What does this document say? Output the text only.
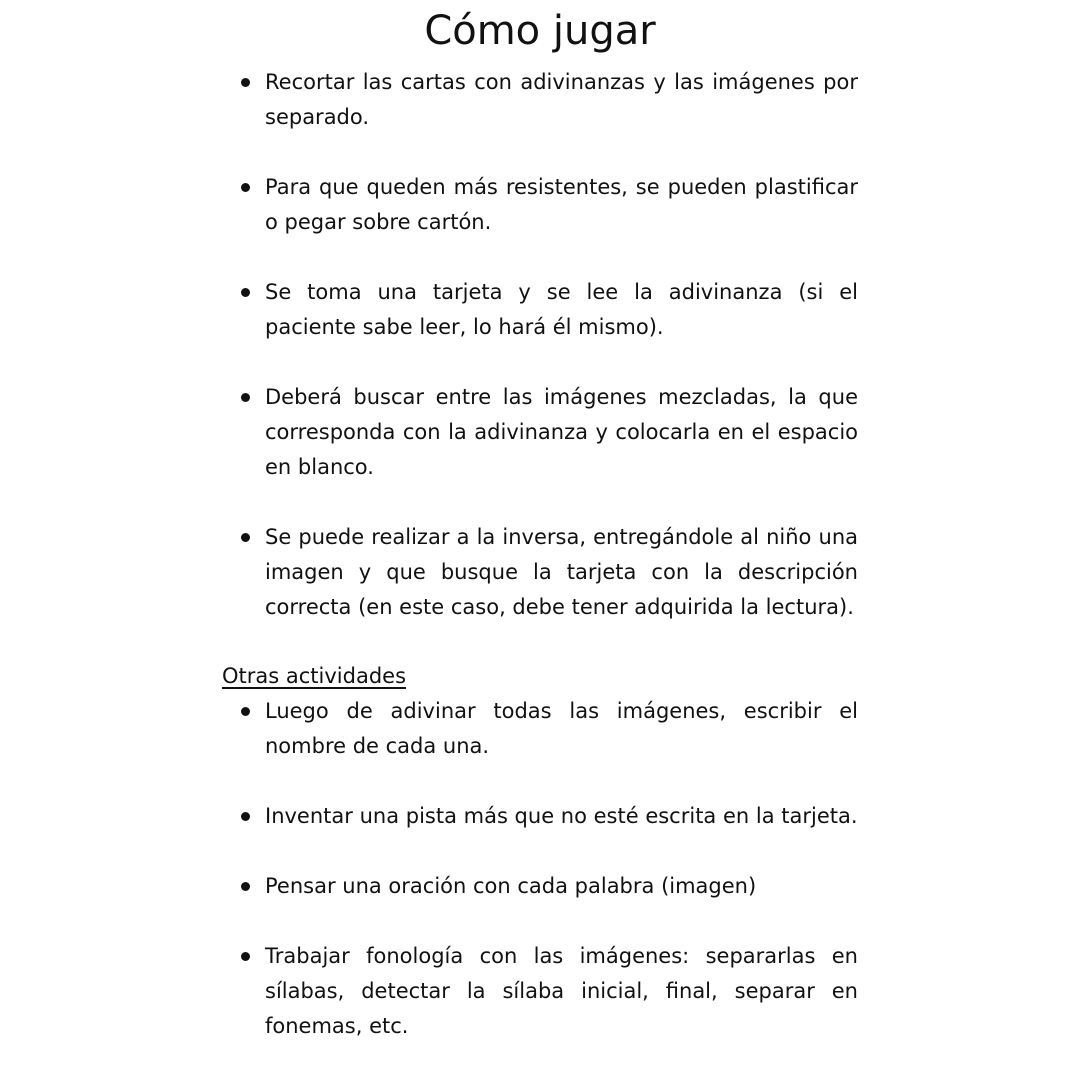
Cómo jugar
Recortar las cartas con adivinanzas y las imágenes por separado.
Para que queden más resistentes, se pueden plastificar o pegar sobre cartón.
Se toma una tarjeta y se lee la adivinanza (si el paciente sabe leer, lo hará él mismo).
Deberá buscar entre las imágenes mezcladas, la que corresponda con la adivinanza y colocarla en el espacio en blanco.
Se puede realizar a la inversa, entregándole al niño una imagen y que busque la tarjeta con la descripción correcta (en este caso, debe tener adquirida la lectura).
Otras actividades
Luego de adivinar todas las imágenes, escribir el nombre de cada una.
Inventar una pista más que no esté escrita en la tarjeta.
Pensar una oración con cada palabra (imagen)
Trabajar fonología con las imágenes: separarlas en sílabas, detectar la sílaba inicial, final, separar en fonemas, etc.
